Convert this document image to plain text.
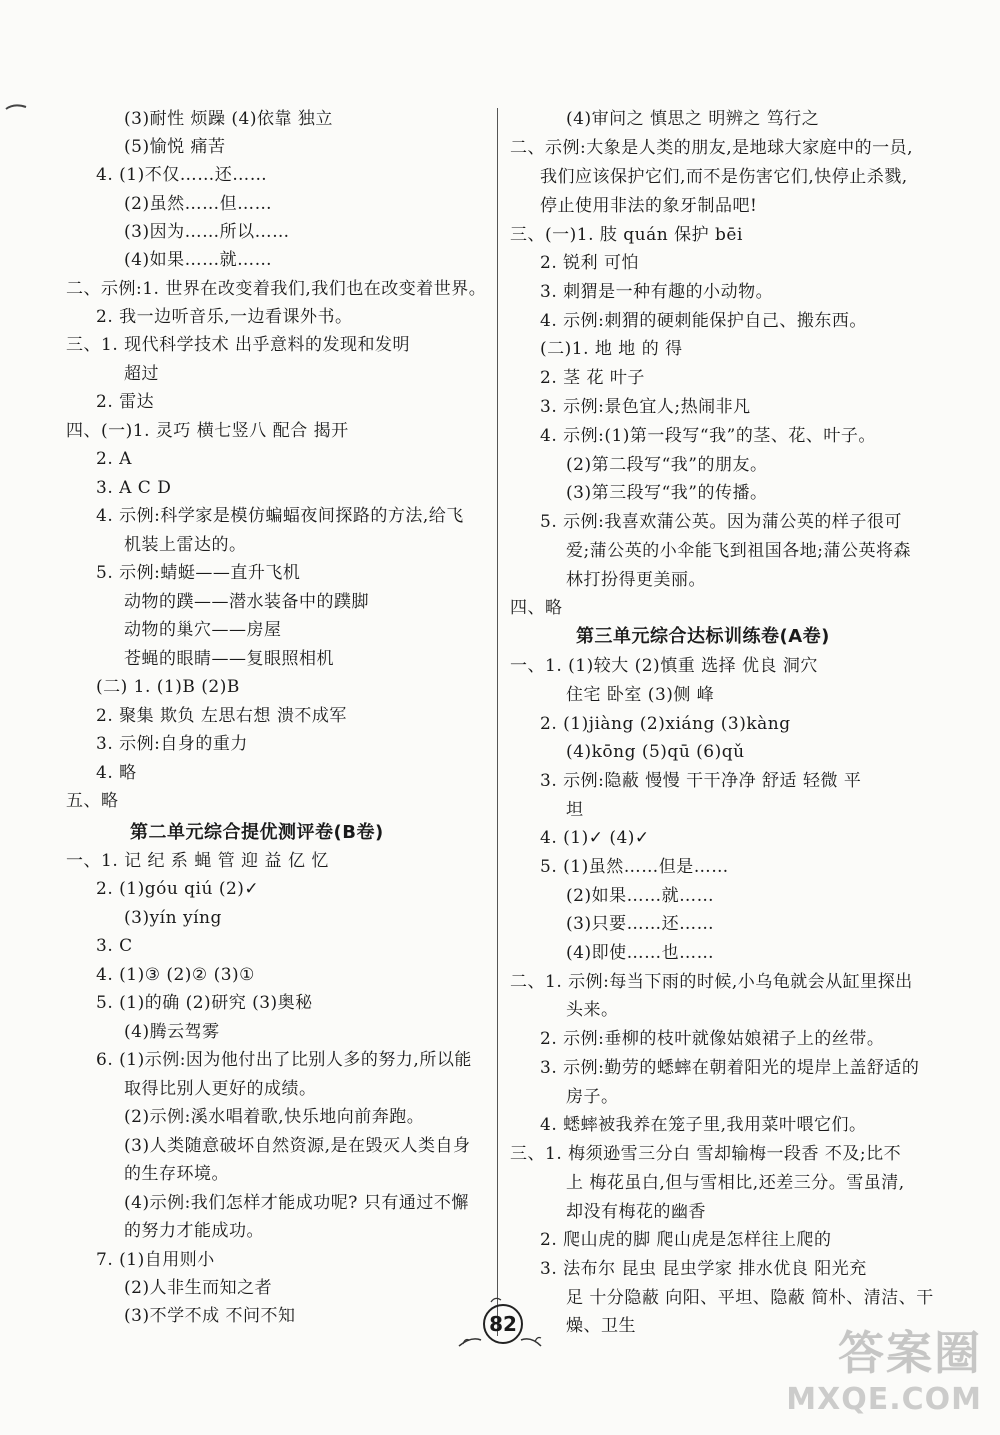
(3)耐性 烦躁 (4)依靠 独立
(5)愉悦 痛苦
4. (1)不仅……还……
(2)虽然……但……
(3)因为……所以……
(4)如果……就……
二、示例:1. 世界在改变着我们,我们也在改变着世界。
2. 我一边听音乐,一边看课外书。
三、1. 现代科学技术 出乎意料的发现和发明
超过
2. 雷达
四、(一)1. 灵巧 横七竖八 配合 揭开
2. A
3. A C D
4. 示例:科学家是模仿蝙蝠夜间探路的方法,给飞
机装上雷达的。
5. 示例:蜻蜓——直升飞机
动物的蹼——潜水装备中的蹼脚
动物的巢穴——房屋
苍蝇的眼睛——复眼照相机
(二) 1. (1)B (2)B
2. 聚集 欺负 左思右想 溃不成军
3. 示例:自身的重力
4. 略
五、略
第二单元综合提优测评卷(B卷)
一、1. 记 纪 系 蝇 管 迎 益 亿 忆
2. (1)góu qiú (2)✓
(3)yín yíng
3. C
4. (1)③ (2)② (3)①
5. (1)的确 (2)研究 (3)奥秘
(4)腾云驾雾
6. (1)示例:因为他付出了比别人多的努力,所以能
取得比别人更好的成绩。
(2)示例:溪水唱着歌,快乐地向前奔跑。
(3)人类随意破坏自然资源,是在毁灭人类自身
的生存环境。
(4)示例:我们怎样才能成功呢? 只有通过不懈
的努力才能成功。
7. (1)自用则小
(2)人非生而知之者
(3)不学不成 不问不知
(4)审问之 慎思之 明辨之 笃行之
二、示例:大象是人类的朋友,是地球大家庭中的一员,
我们应该保护它们,而不是伤害它们,快停止杀戮,
停止使用非法的象牙制品吧!
三、(一)1. 肢 quán 保护 bēi
2. 锐利 可怕
3. 刺猬是一种有趣的小动物。
4. 示例:刺猬的硬刺能保护自己、搬东西。
(二)1. 地 地 的 得
2. 茎 花 叶子
3. 示例:景色宜人;热闹非凡
4. 示例:(1)第一段写“我”的茎、花、叶子。
(2)第二段写“我”的朋友。
(3)第三段写“我”的传播。
5. 示例:我喜欢蒲公英。因为蒲公英的样子很可
爱;蒲公英的小伞能飞到祖国各地;蒲公英将森
林打扮得更美丽。
四、略
第三单元综合达标训练卷(A卷)
一、1. (1)较大 (2)慎重 选择 优良 洞穴
住宅 卧室 (3)侧 峰
2. (1)jiàng (2)xiáng (3)kàng
(4)kōng (5)qū (6)qǔ
3. 示例:隐蔽 慢慢 干干净净 舒适 轻微 平
坦
4. (1)✓ (4)✓
5. (1)虽然……但是……
(2)如果……就……
(3)只要……还……
(4)即使……也……
二、1. 示例:每当下雨的时候,小乌龟就会从缸里探出
头来。
2. 示例:垂柳的枝叶就像姑娘裙子上的丝带。
3. 示例:勤劳的蟋蟀在朝着阳光的堤岸上盖舒适的
房子。
4. 蟋蟀被我养在笼子里,我用菜叶喂它们。
三、1. 梅须逊雪三分白 雪却输梅一段香 不及;比不
上 梅花虽白,但与雪相比,还差三分。雪虽清,
却没有梅花的幽香
2. 爬山虎的脚 爬山虎是怎样往上爬的
3. 法布尔 昆虫 昆虫学家 排水优良 阳光充
足 十分隐蔽 向阳、平坦、隐蔽 简朴、清洁、干
燥、卫生
82
答案圈
MXQE.COM
